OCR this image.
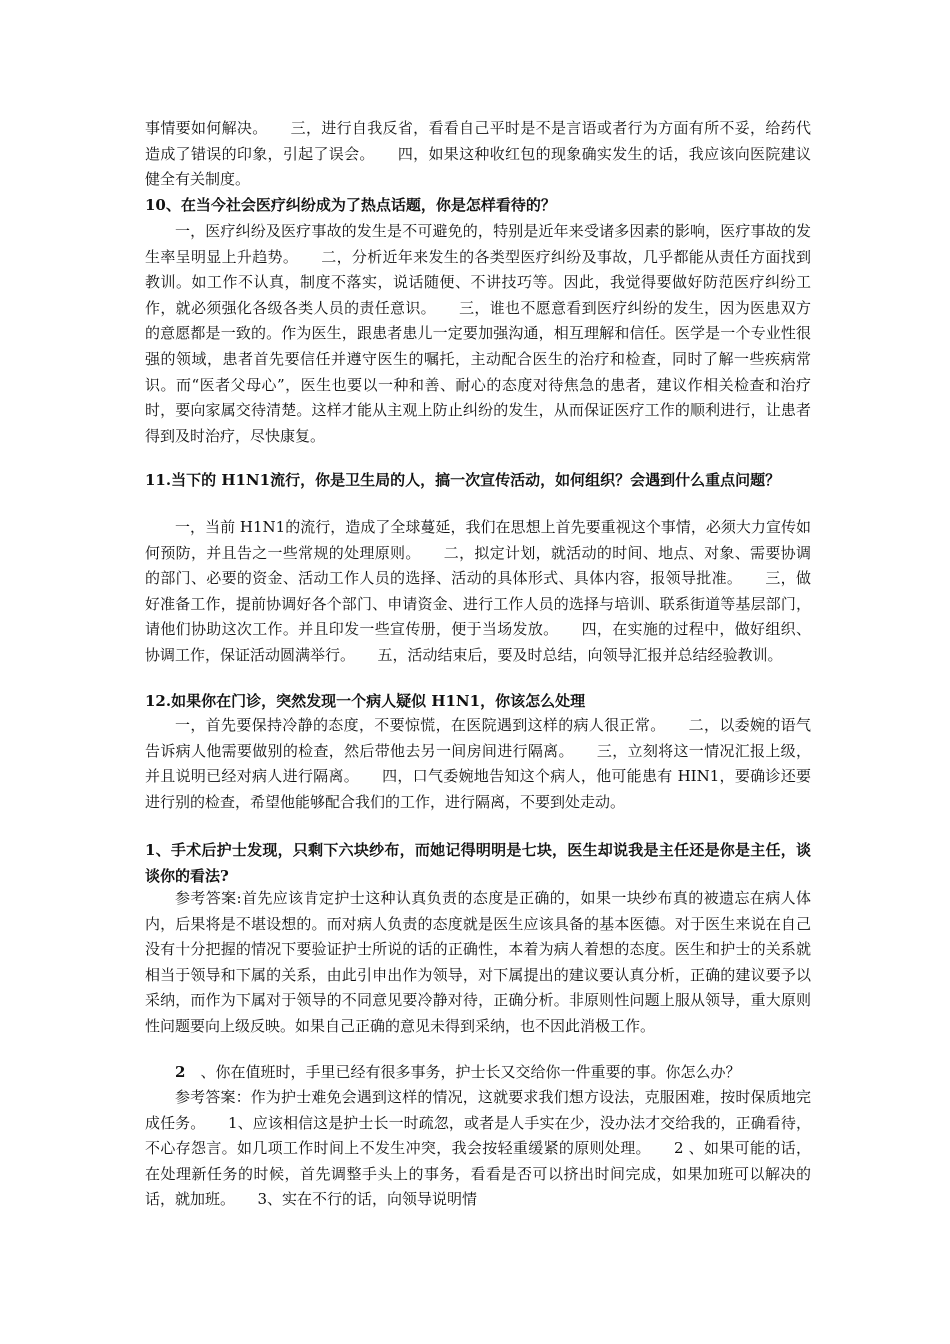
事情要如何解决。　　三，进行自我反省，看看自己平时是不是言语或者行为方面有所不妥，给药代造成了错误的印象，引起了误会。　　四，如果这种收红包的现象确实发生的话，我应该向医院建议健全有关制度。

10、在当今社会医疗纠纷成为了热点话题，你是怎样看待的？

一，医疗纠纷及医疗事故的发生是不可避免的，特别是近年来受诸多因素的影响，医疗事故的发生率呈明显上升趋势。　　二，分析近年来发生的各类型医疗纠纷及事故，几乎都能从责任方面找到教训。如工作不认真，制度不落实，说话随便、不讲技巧等。因此，我觉得要做好防范医疗纠纷工作，就必须强化各级各类人员的责任意识。　　三，谁也不愿意看到医疗纠纷的发生，因为医患双方的意愿都是一致的。作为医生，跟患者患儿一定要加强沟通，相互理解和信任。医学是一个专业性很强的领域，患者首先要信任并遵守医生的嘱托，主动配合医生的治疗和检查，同时了解一些疾病常识。而“医者父母心”，医生也要以一种和善、耐心的态度对待焦急的患者，建议作相关检查和治疗时，要向家属交待清楚。这样才能从主观上防止纠纷的发生，从而保证医疗工作的顺利进行，让患者得到及时治疗，尽快康复。

11.当下的 H1N1流行，你是卫生局的人，搞一次宣传活动，如何组织？会遇到什么重点问题？

一，当前 H1N1的流行，造成了全球蔓延，我们在思想上首先要重视这个事情，必须大力宣传如何预防，并且告之一些常规的处理原则。　　二，拟定计划，就活动的时间、地点、对象、需要协调的部门、必要的资金、活动工作人员的选择、活动的具体形式、具体内容，报领导批准。　　三，做好准备工作，提前协调好各个部门、申请资金、进行工作人员的选择与培训、联系街道等基层部门，请他们协助这次工作。并且印发一些宣传册，便于当场发放。　　四，在实施的过程中，做好组织、协调工作，保证活动圆满举行。　　五，活动结束后，要及时总结，向领导汇报并总结经验教训。

12.如果你在门诊，突然发现一个病人疑似 H1N1，你该怎么处理

一，首先要保持冷静的态度，不要惊慌，在医院遇到这样的病人很正常。　　二，以委婉的语气告诉病人他需要做别的检查，然后带他去另一间房间进行隔离。　　三，立刻将这一情况汇报上级，并且说明已经对病人进行隔离。　　四，口气委婉地告知这个病人，他可能患有 HIN1，要确诊还要进行别的检查，希望他能够配合我们的工作，进行隔离，不要到处走动。

1、手术后护士发现，只剩下六块纱布，而她记得明明是七块，医生却说我是主任还是你是主任，谈谈你的看法?

参考答案:首先应该肯定护士这种认真负责的态度是正确的，如果一块纱布真的被遗忘在病人体内，后果将是不堪设想的。而对病人负责的态度就是医生应该具备的基本医德。对于医生来说在自己没有十分把握的情况下要验证护士所说的话的正确性，本着为病人着想的态度。医生和护士的关系就相当于领导和下属的关系，由此引申出作为领导，对下属提出的建议要认真分析，正确的建议要予以采纳，而作为下属对于领导的不同意见要冷静对待，正确分析。非原则性问题上服从领导，重大原则性问题要向上级反映。如果自己正确的意见未得到采纳，也不因此消极工作。

2　 、你在值班时，手里已经有很多事务，护士长又交给你一件重要的事。你怎么办？

参考答案：作为护士难免会遇到这样的情况，这就要求我们想方设法，克服困难，按时保质地完成任务。　　1、应该相信这是护士长一时疏忽，或者是人手实在少，没办法才交给我的，正确看待，不心存怨言。如几项工作时间上不发生冲突，我会按轻重缓紧的原则处理。　　2 、如果可能的话，在处理新任务的时候，首先调整手头上的事务，看看是否可以挤出时间完成，如果加班可以解决的话，就加班。　　3、实在不行的话，向领导说明情
